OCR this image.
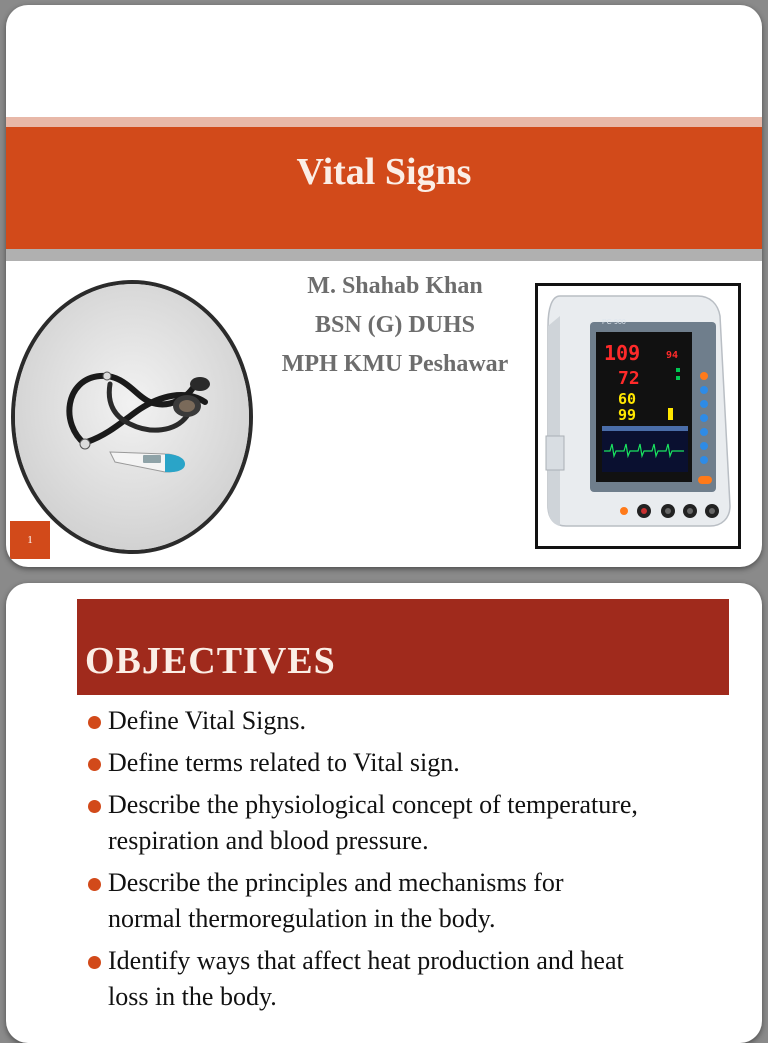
Vital Signs
M. Shahab Khan
BSN (G) DUHS
MPH KMU Peshawar
PC-900
109	94
72
60
99
1
OBJECTIVES
Define Vital Signs.
Define terms related to Vital sign.
Describe the physiological concept of temperature,
respiration and blood pressure.
Describe the principles and mechanisms for
normal thermoregulation in the body.
Identify ways that affect heat production and heat
loss in the body.
